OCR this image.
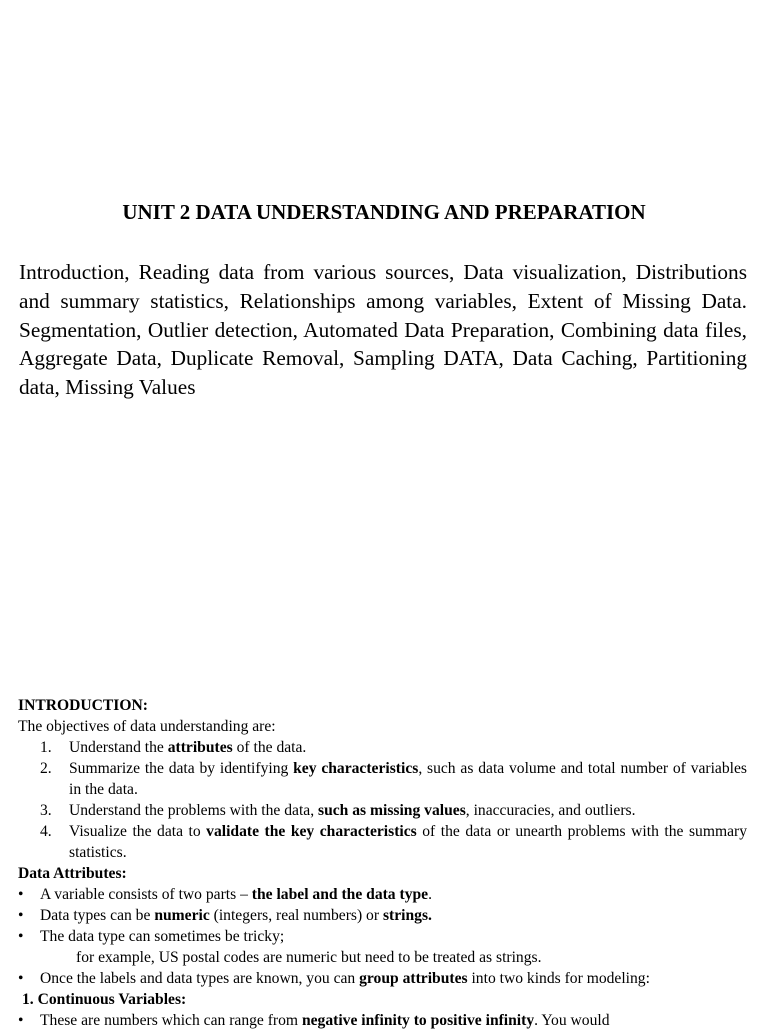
UNIT 2 DATA UNDERSTANDING AND PREPARATION
Introduction, Reading data from various sources, Data visualization, Distributions and summary statistics, Relationships among variables, Extent of Missing Data. Segmentation, Outlier detection, Automated Data Preparation, Combining data files, Aggregate Data, Duplicate Removal, Sampling DATA, Data Caching, Partitioning data, Missing Values

INTRODUCTION:

The objectives of data understanding are:

1. Understand the attributes of the data.
2. Summarize the data by identifying key characteristics, such as data volume and total number of variables in the data.
3. Understand the problems with the data, such as missing values, inaccuracies, and outliers.
4. Visualize the data to validate the key characteristics of the data or unearth problems with the summary statistics.

Data Attributes:

• A variable consists of two parts – the label and the data type.
• Data types can be numeric (integers, real numbers) or strings.
• The data type can sometimes be tricky;

for example, US postal codes are numeric but need to be treated as strings.

• Once the labels and data types are known, you can group attributes into two kinds for modeling:

1. Continuous Variables:

• These are numbers which can range from negative infinity to positive infinity. You would
